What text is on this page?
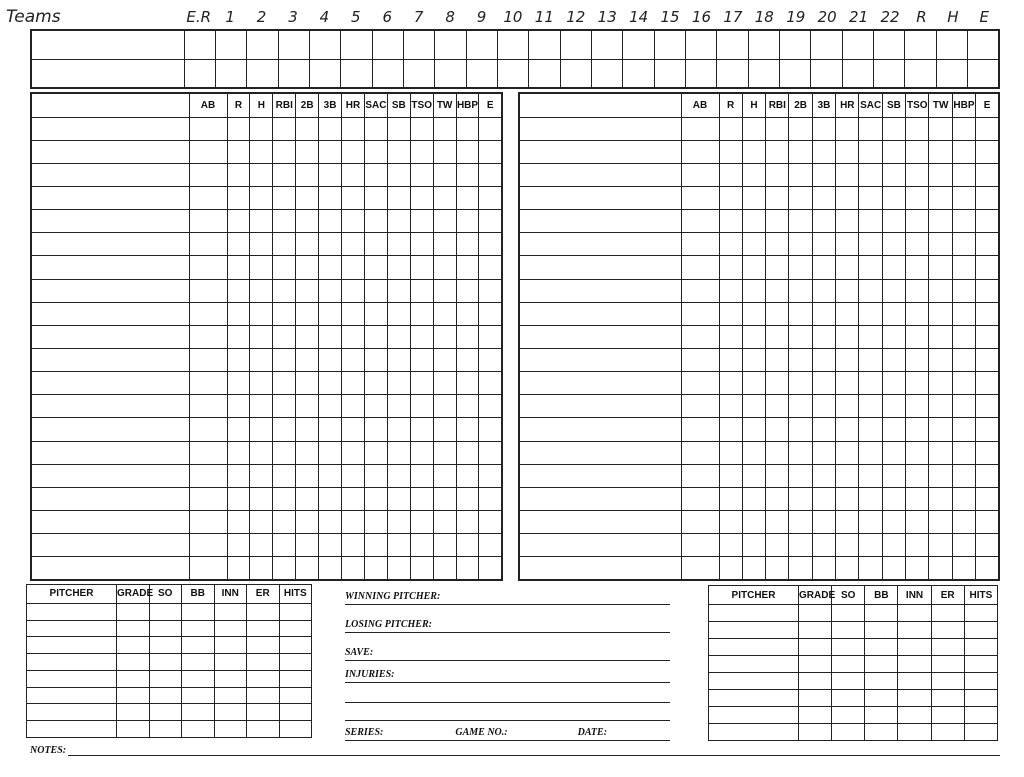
Teams	E.R 1	2	3	4	5	6	7	8	9	10 11 12 13 14 15 16 17 18 19 20 21 22	R	H	E

	AB	R	H	RBI	2B	3B	HR	SAC	SB	TSO	TW	HBP	E

		AB	R	H	RBI	2B	3B	HR	SAC	SB	TSO	TW	HBP	E

PITCHER	GRADE	SO	BB	INN	ER	HITS

							PITCHER	GRADE	SO	BB	INN	ER	HITS

WINNING PITCHER:
LOSING PITCHER:
SAVE:
INJURIES:
SERIES:	GAME NO.:	DATE:
NOTES:
